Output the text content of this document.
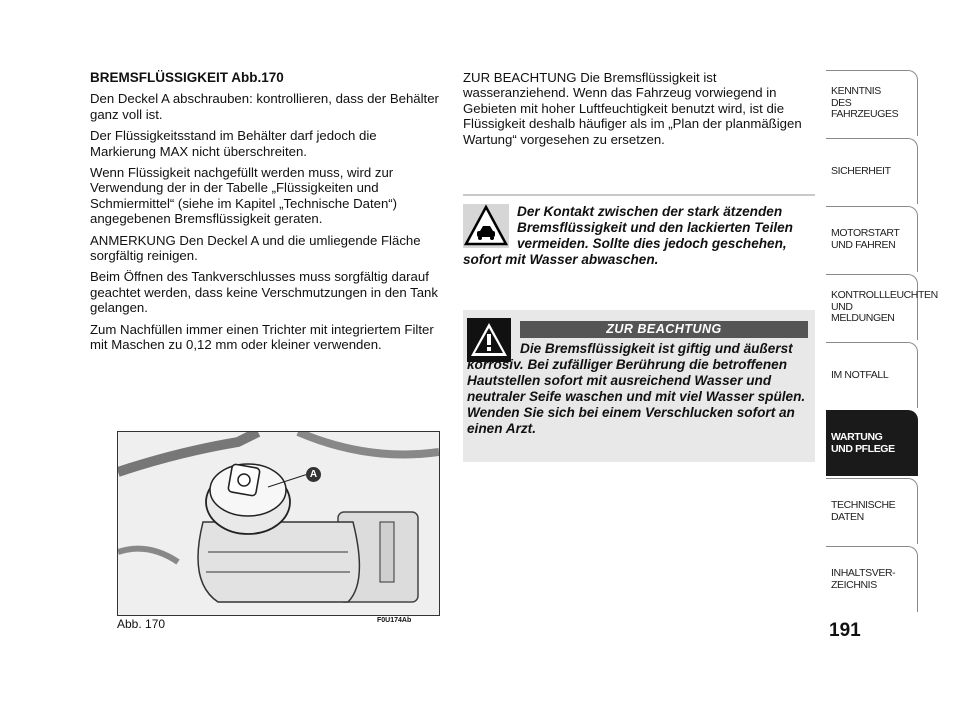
BREMSFLÜSSIGKEIT Abb.170

Den Deckel A abschrauben: kontrollieren, dass der Behälter ganz voll ist.

Der Flüssigkeitsstand im Behälter darf jedoch die Markierung MAX nicht überschreiten.

Wenn Flüssigkeit nachgefüllt werden muss, wird zur Verwendung der in der Tabelle „Flüssigkeiten und Schmiermittel“ (siehe im Kapitel „Technische Daten“) angegebenen Bremsflüssigkeit geraten.

ANMERKUNG Den Deckel A und die umliegende Fläche sorgfältig reinigen.

Beim Öffnen des Tankverschlusses muss sorgfältig darauf geachtet werden, dass keine Verschmutzungen in den Tank gelangen.

Zum Nachfüllen immer einen Trichter mit integriertem Filter mit Maschen zu 0,12 mm oder kleiner verwenden.

ZUR BEACHTUNG Die Bremsflüssigkeit ist wasseranziehend. Wenn das Fahrzeug vorwiegend in Gebieten mit hoher Luftfeuchtigkeit benutzt wird, ist die Flüssigkeit deshalb häufiger als im „Plan der planmäßigen Wartung“ vorgesehen zu ersetzen.

Der Kontakt zwischen der stark ätzenden Bremsflüssigkeit und den lackierten Teilen vermeiden. Sollte dies jedoch geschehen, sofort mit Wasser abwaschen.
ZUR BEACHTUNG
Die Bremsflüssigkeit ist giftig und äußerst korrosiv. Bei zufälliger Berührung die betroffenen Hautstellen sofort mit ausreichend Wasser und neutraler Seife waschen und mit viel Wasser spülen. Wenden Sie sich bei einem Verschlucken sofort an einen Arzt.
A
Abb. 170	F0U174Ab
KENNTNIS
DES FAHRZEUGES
SICHERHEIT
MOTORSTART
UND FAHREN
KONTROLLLEUCHTEN
UND MELDUNGEN
IM NOTFALL
WARTUNG
UND PFLEGE
TECHNISCHE
DATEN
INHALTSVER-
ZEICHNIS
191
